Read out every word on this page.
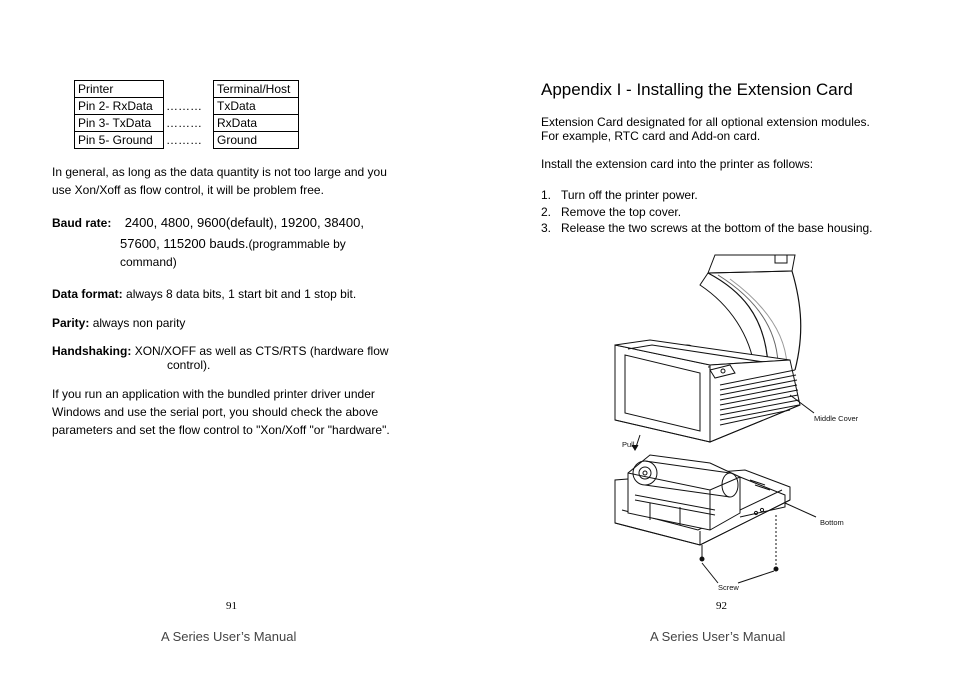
Printer		Terminal/Host
Pin 2- RxData	………	TxData
Pin 3- TxData	………	RxData
Pin 5- Ground	………	Ground
In general, as long as the data quantity is not too large and you
use Xon/Xoff as flow control, it will be problem free.
Baud rate: 2400, 4800, 9600(default), 19200, 38400,
57600, 115200 bauds.(programmable by
command)
Data format: always 8 data bits, 1 start bit and 1 stop bit.
Parity: always non parity
Handshaking: XON/XOFF as well as CTS/RTS (hardware flow
control).
If you run an application with the bundled printer driver under
Windows and use the serial port, you should check the above
parameters and set the flow control to "Xon/Xoff "or "hardware".
91
A Series User’s Manual
Appendix I - Installing the Extension Card
Extension Card designated for all optional extension modules.
For example, RTC card and Add-on card.
Install the extension card into the printer as follows:
1. Turn off the printer power.
2. Remove the top cover.
3. Release the two screws at the bottom of the base housing.
Middle Cover
Pull
Bottom
Screw
92
A Series User’s Manual
